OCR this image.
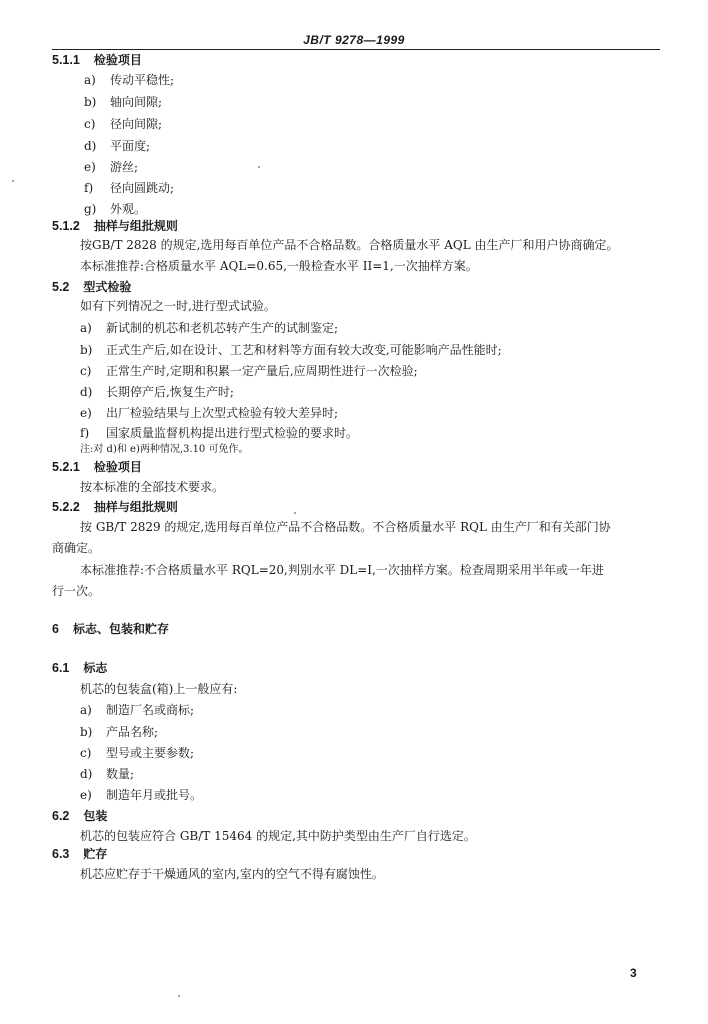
JB/T 9278—1999
5.1.1 检验项目
a) 传动平稳性;
b) 轴向间隙;
c) 径向间隙;
d) 平面度;
e) 游丝;
f) 径向圆跳动;
g) 外观。
5.1.2 抽样与组批规则
按GB/T 2828 的规定,选用每百单位产品不合格品数。合格质量水平 AQL 由生产厂和用户协商确定。
本标准推荐:合格质量水平 AQL=0.65,一般检查水平 II=1,一次抽样方案。
5.2 型式检验
如有下列情况之一时,进行型式试验。
a) 新试制的机芯和老机芯转产生产的试制鉴定;
b) 正式生产后,如在设计、工艺和材料等方面有较大改变,可能影响产品性能时;
c) 正常生产时,定期和积累一定产量后,应周期性进行一次检验;
d) 长期停产后,恢复生产时;
e) 出厂检验结果与上次型式检验有较大差异时;
f) 国家质量监督机构提出进行型式检验的要求时。
注:对 d)和 e)两种情况,3.10 可免作。
5.2.1 检验项目
按本标准的全部技术要求。
5.2.2 抽样与组批规则
按 GB/T 2829 的规定,选用每百单位产品不合格品数。不合格质量水平 RQL 由生产厂和有关部门协
商确定。
本标准推荐:不合格质量水平 RQL=20,判别水平 DL=I,一次抽样方案。检查周期采用半年或一年进
行一次。
6 标志、包装和贮存
6.1 标志
机芯的包装盒(箱)上一般应有:
a) 制造厂名或商标;
b) 产品名称;
c) 型号或主要参数;
d) 数量;
e) 制造年月或批号。
6.2 包装
机芯的包装应符合 GB/T 15464 的规定,其中防护类型由生产厂自行选定。
6.3 贮存
机芯应贮存于干燥通风的室内,室内的空气不得有腐蚀性。
3
